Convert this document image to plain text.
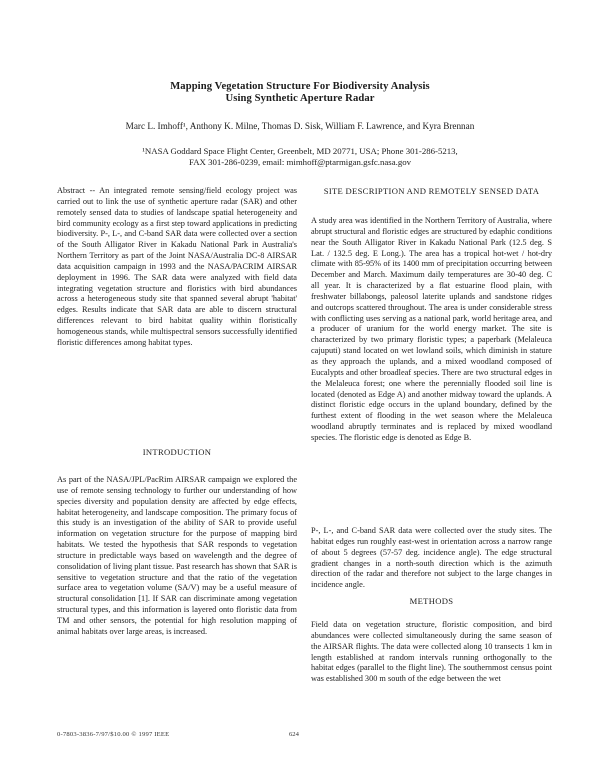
Mapping Vegetation Structure For Biodiversity Analysis
Using Synthetic Aperture Radar
Marc L. Imhoff¹, Anthony K. Milne, Thomas D. Sisk, William F. Lawrence, and Kyra Brennan
¹NASA Goddard Space Flight Center, Greenbelt, MD 20771, USA; Phone 301-286-5213,
FAX 301-286-0239, email: mimhoff@ptarmigan.gsfc.nasa.gov

Abstract -- An integrated remote sensing/field ecology project was carried out to link the use of synthetic aperture radar (SAR) and other remotely sensed data to studies of landscape spatial heterogeneity and bird community ecology as a first step toward applications in predicting biodiversity. P-, L-, and C-band SAR data were collected over a section of the South Alligator River in Kakadu National Park in Australia's Northern Territory as part of the Joint NASA/Australia DC-8 AIRSAR data acquisition campaign in 1993 and the NASA/PACRIM AIRSAR deployment in 1996. The SAR data were analyzed with field data integrating vegetation structure and floristics with bird abundances across a heterogeneous study site that spanned several abrupt 'habitat' edges. Results indicate that SAR data are able to discern structural differences relevant to bird habitat quality within floristically homogeneous stands, while multispectral sensors successfully identified floristic differences among habitat types.

INTRODUCTION

As part of the NASA/JPL/PacRim AIRSAR campaign we explored the use of remote sensing technology to further our understanding of how species diversity and population density are affected by edge effects, habitat heterogeneity, and landscape composition. The primary focus of this study is an investigation of the ability of SAR to provide useful information on vegetation structure for the purpose of mapping bird habitats. We tested the hypothesis that SAR responds to vegetation structure in predictable ways based on wavelength and the degree of consolidation of living plant tissue. Past research has shown that SAR is sensitive to vegetation structure and that the ratio of the vegetation surface area to vegetation volume (SA/V) may be a useful measure of structural consolidation [1]. If SAR can discriminate among vegetation structural types, and this information is layered onto floristic data from TM and other sensors, the potential for high resolution mapping of animal habitats over large areas, is increased.

SITE DESCRIPTION AND REMOTELY SENSED DATA

A study area was identified in the Northern Territory of Australia, where abrupt structural and floristic edges are structured by edaphic conditions near the South Alligator River in Kakadu National Park (12.5 deg. S Lat. / 132.5 deg. E Long.). The area has a tropical hot-wet / hot-dry climate with 85-95% of its 1400 mm of precipitation occurring between December and March. Maximum daily temperatures are 30-40 deg. C all year. It is characterized by a flat estuarine flood plain, with freshwater billabongs, paleosol laterite uplands and sandstone ridges and outcrops scattered throughout. The area is under considerable stress with conflicting uses serving as a national park, world heritage area, and a producer of uranium for the world energy market. The site is characterized by two primary floristic types; a paperbark (Melaleuca cajuputi) stand located on wet lowland soils, which diminish in stature as they approach the uplands, and a mixed woodland composed of Eucalypts and other broadleaf species. There are two structural edges in the Melaleuca forest; one where the perennially flooded soil line is located (denoted as Edge A) and another midway toward the uplands. A distinct floristic edge occurs in the upland boundary, defined by the furthest extent of flooding in the wet season where the Melaleuca woodland abruptly terminates and is replaced by mixed woodland species. The floristic edge is denoted as Edge B.

P-, L-, and C-band SAR data were collected over the study sites. The habitat edges run roughly east-west in orientation across a narrow range of about 5 degrees (57-57 deg. incidence angle). The edge structural gradient changes in a north-south direction which is the azimuth direction of the radar and therefore not subject to the large changes in incidence angle.

METHODS

Field data on vegetation structure, floristic composition, and bird abundances were collected simultaneously during the same season of the AIRSAR flights. The data were collected along 10 transects 1 km in length established at random intervals running orthogonally to the habitat edges (parallel to the flight line). The southernmost census point was established 300 m south of the edge between the wet

0-7803-3836-7/97/$10.00 © 1997 IEEE	624
